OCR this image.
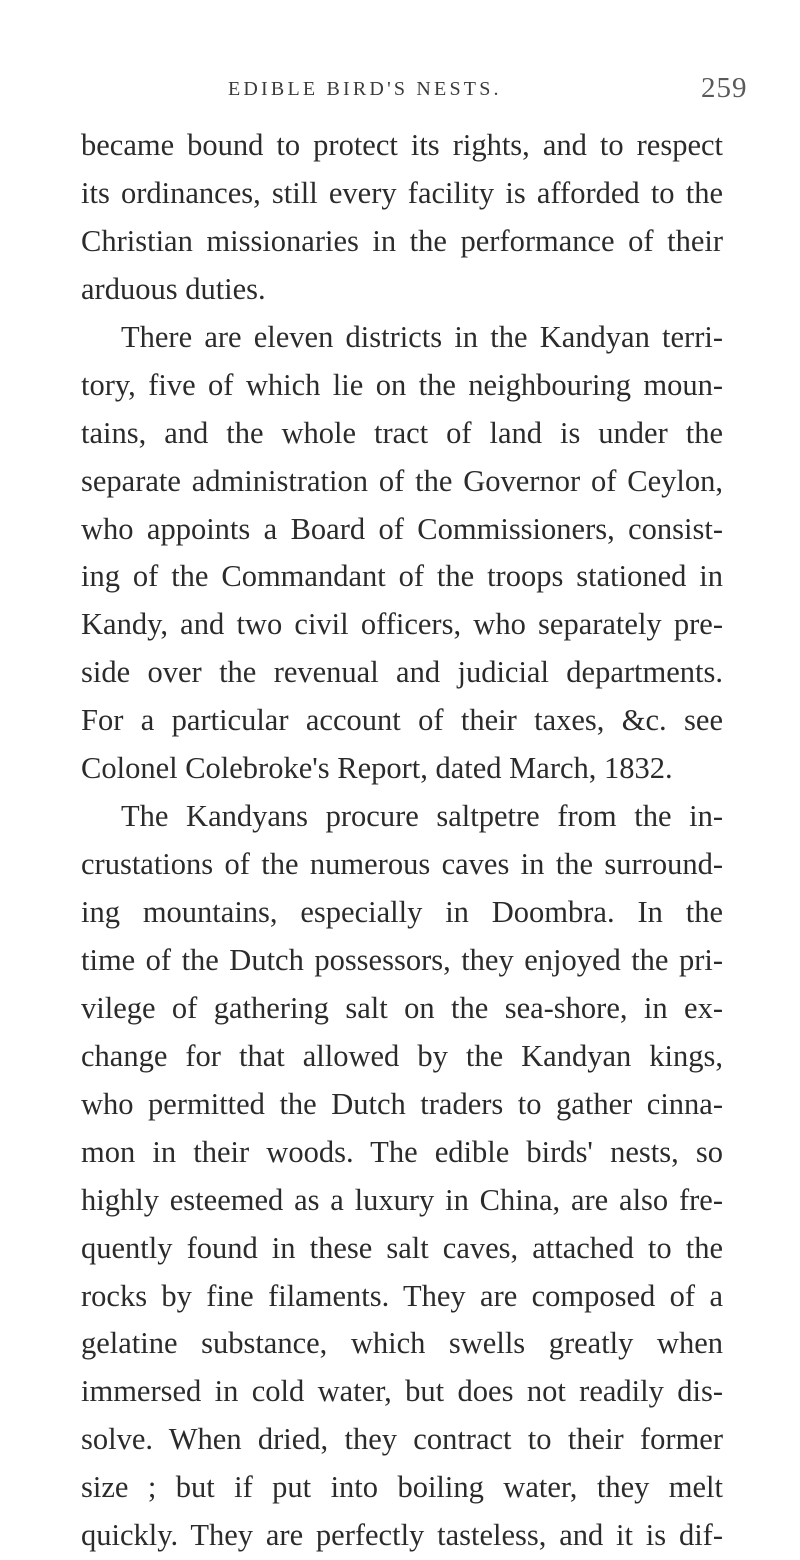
EDIBLE BIRD'S NESTS.	259
became bound to protect its rights, and to respect
its ordinances, still every facility is afforded to the
Christian missionaries in the performance of their
arduous duties.
There are eleven districts in the Kandyan terri-
tory, five of which lie on the neighbouring moun-
tains, and the whole tract of land is under the
separate administration of the Governor of Ceylon,
who appoints a Board of Commissioners, consist-
ing of the Commandant of the troops stationed in
Kandy, and two civil officers, who separately pre-
side over the revenual and judicial departments.
For a particular account of their taxes, &c. see
Colonel Colebroke's Report, dated March, 1832.
The Kandyans procure saltpetre from the in-
crustations of the numerous caves in the surround-
ing mountains, especially in Doombra. In the
time of the Dutch possessors, they enjoyed the pri-
vilege of gathering salt on the sea-shore, in ex-
change for that allowed by the Kandyan kings,
who permitted the Dutch traders to gather cinna-
mon in their woods. The edible birds' nests, so
highly esteemed as a luxury in China, are also fre-
quently found in these salt caves, attached to the
rocks by fine filaments. They are composed of a
gelatine substance, which swells greatly when
immersed in cold water, but does not readily dis-
solve. When dried, they contract to their former
size ; but if put into boiling water, they melt
quickly. They are perfectly tasteless, and it is dif-
